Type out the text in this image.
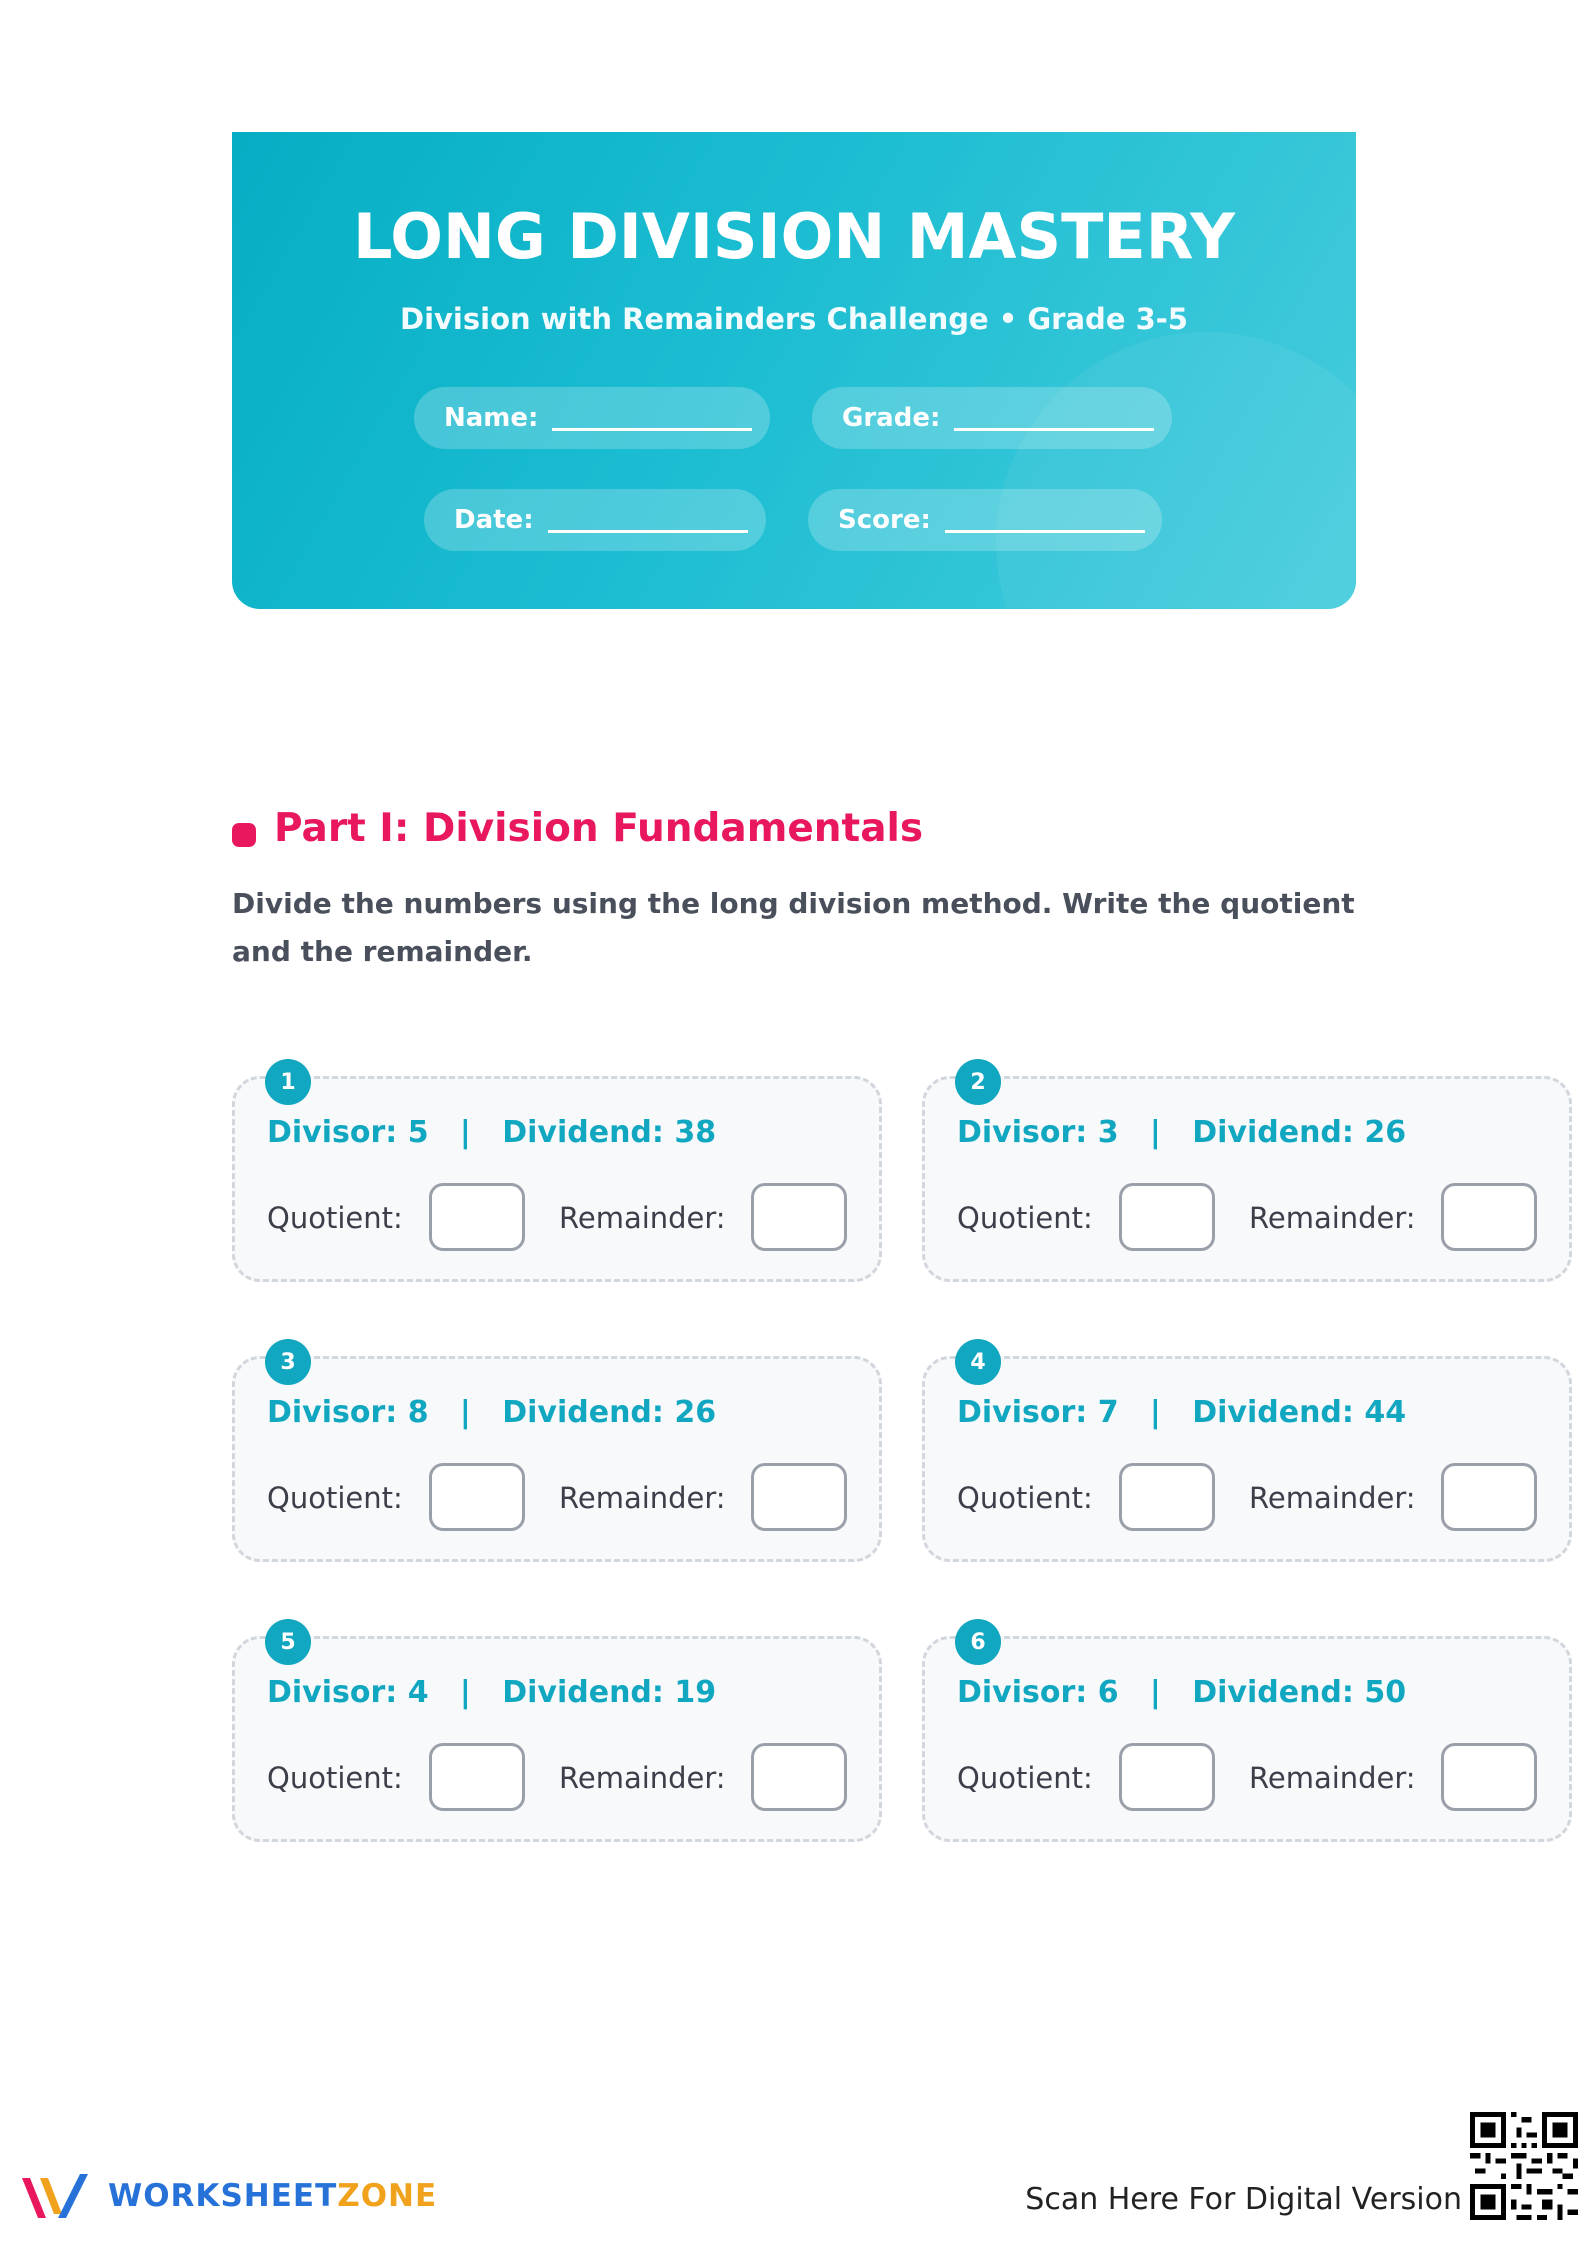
LONG DIVISION MASTERY
Division with Remainders Challenge • Grade 3-5
Name:	Grade:
Date:	Score:
Part I: Division Fundamentals
Divide the numbers using the long division method. Write the quotient and the remainder.
1
Divisor: 5   |   Dividend: 38
Quotient:	Remainder:
2
Divisor: 3   |   Dividend: 26
Quotient:	Remainder:
3
Divisor: 8   |   Dividend: 26
Quotient:	Remainder:
4
Divisor: 7   |   Dividend: 44
Quotient:	Remainder:
5
Divisor: 4   |   Dividend: 19
Quotient:	Remainder:
6
Divisor: 6   |   Dividend: 50
Quotient:	Remainder:
WORKSHEETZONE	Scan Here For Digital Version
